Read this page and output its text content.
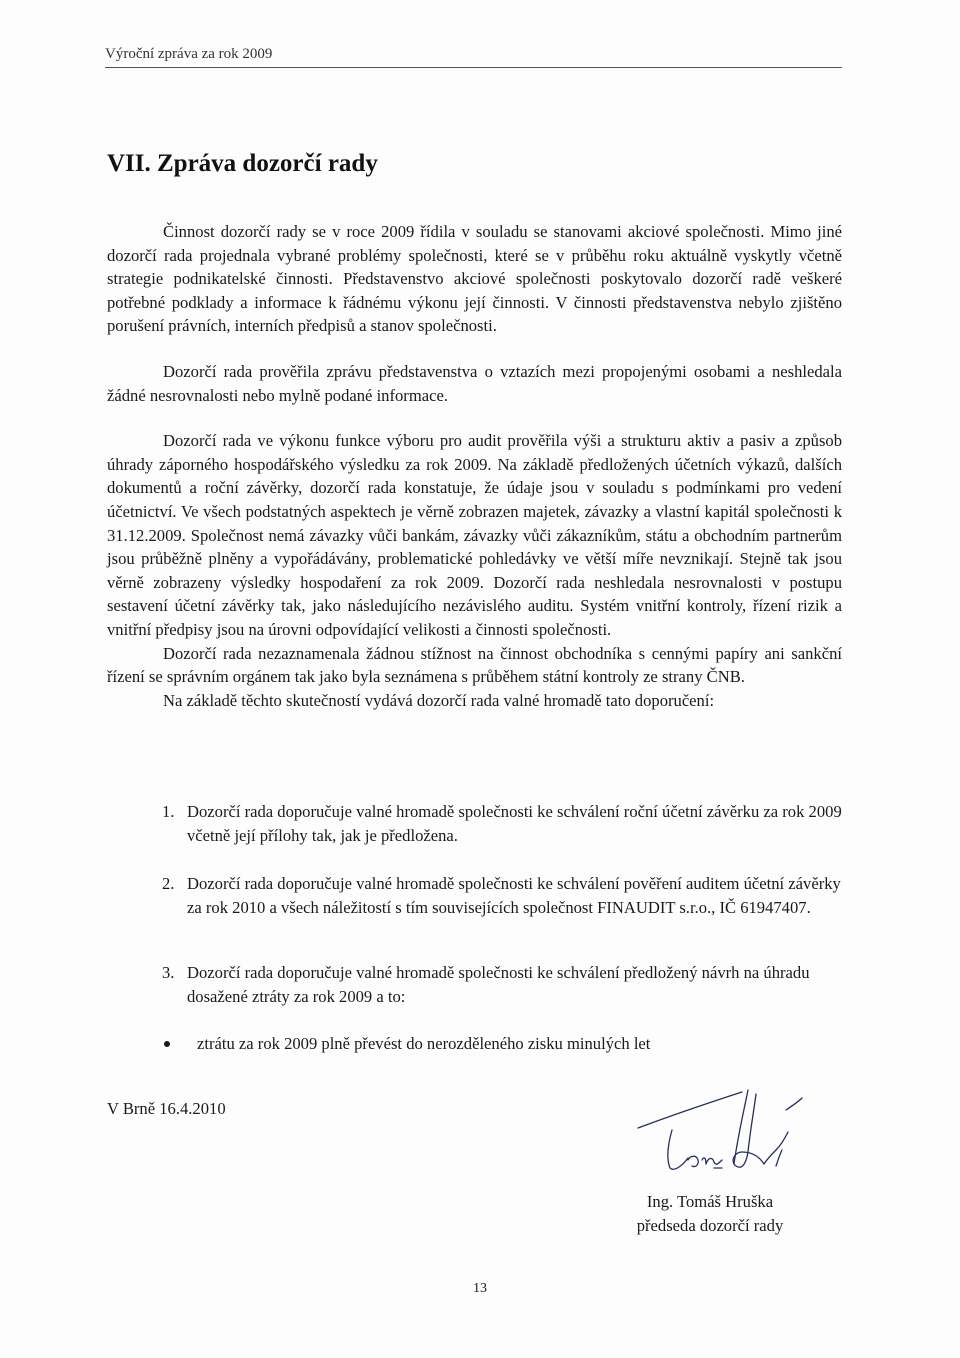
Výroční zpráva za rok 2009
VII. Zpráva dozorčí rady

Činnost dozorčí rady se v roce 2009 řídila v souladu se stanovami akciové společnosti. Mimo jiné dozorčí rada projednala vybrané problémy společnosti, které se v průběhu roku aktuálně vyskytly včetně strategie podnikatelské činnosti. Představenstvo akciové společnosti poskytovalo dozorčí radě veškeré potřebné podklady a informace k řádnému výkonu její činnosti. V činnosti představenstva nebylo zjištěno porušení právních, interních předpisů a stanov společnosti.

Dozorčí rada prověřila zprávu představenstva o vztazích mezi propojenými osobami a neshledala žádné nesrovnalosti nebo mylně podané informace.

Dozorčí rada ve výkonu funkce výboru pro audit prověřila výši a strukturu aktiv a pasiv a způsob úhrady záporného hospodářského výsledku za rok 2009. Na základě předložených účetních výkazů, dalších dokumentů a roční závěrky, dozorčí rada konstatuje, že údaje jsou v souladu s podmínkami pro vedení účetnictví. Ve všech podstatných aspektech je věrně zobrazen majetek, závazky a vlastní kapitál společnosti k 31.12.2009. Společnost nemá závazky vůči bankám, závazky vůči zákazníkům, státu a obchodním partnerům jsou průběžně plněny a vypořádávány, problematické pohledávky ve větší míře nevznikají. Stejně tak jsou věrně zobrazeny výsledky hospodaření za rok 2009. Dozorčí rada neshledala nesrovnalosti v postupu sestavení účetní závěrky tak, jako následujícího nezávislého auditu. Systém vnitřní kontroly, řízení rizik a vnitřní předpisy jsou na úrovni odpovídající velikosti a činnosti společnosti.

Dozorčí rada nezaznamenala žádnou stížnost na činnost obchodníka s cennými papíry ani sankční řízení se správním orgánem tak jako byla seznámena s průběhem státní kontroly ze strany ČNB.

Na základě těchto skutečností vydává dozorčí rada valné hromadě tato doporučení:

1. Dozorčí rada doporučuje valné hromadě společnosti ke schválení roční účetní závěrku za rok 2009 včetně její přílohy tak, jak je předložena.
2. Dozorčí rada doporučuje valné hromadě společnosti ke schválení pověření auditem účetní závěrky za rok 2010 a všech náležitostí s tím souvisejících společnost FINAUDIT s.r.o., IČ 61947407.
3. Dozorčí rada doporučuje valné hromadě společnosti ke schválení předložený návrh na úhradu dosažené ztráty za rok 2009 a to:
ztrátu za rok 2009 plně převést do nerozděleného zisku minulých let
V Brně 16.4.2010
Ing. Tomáš Hruška
předseda dozorčí rady
13
